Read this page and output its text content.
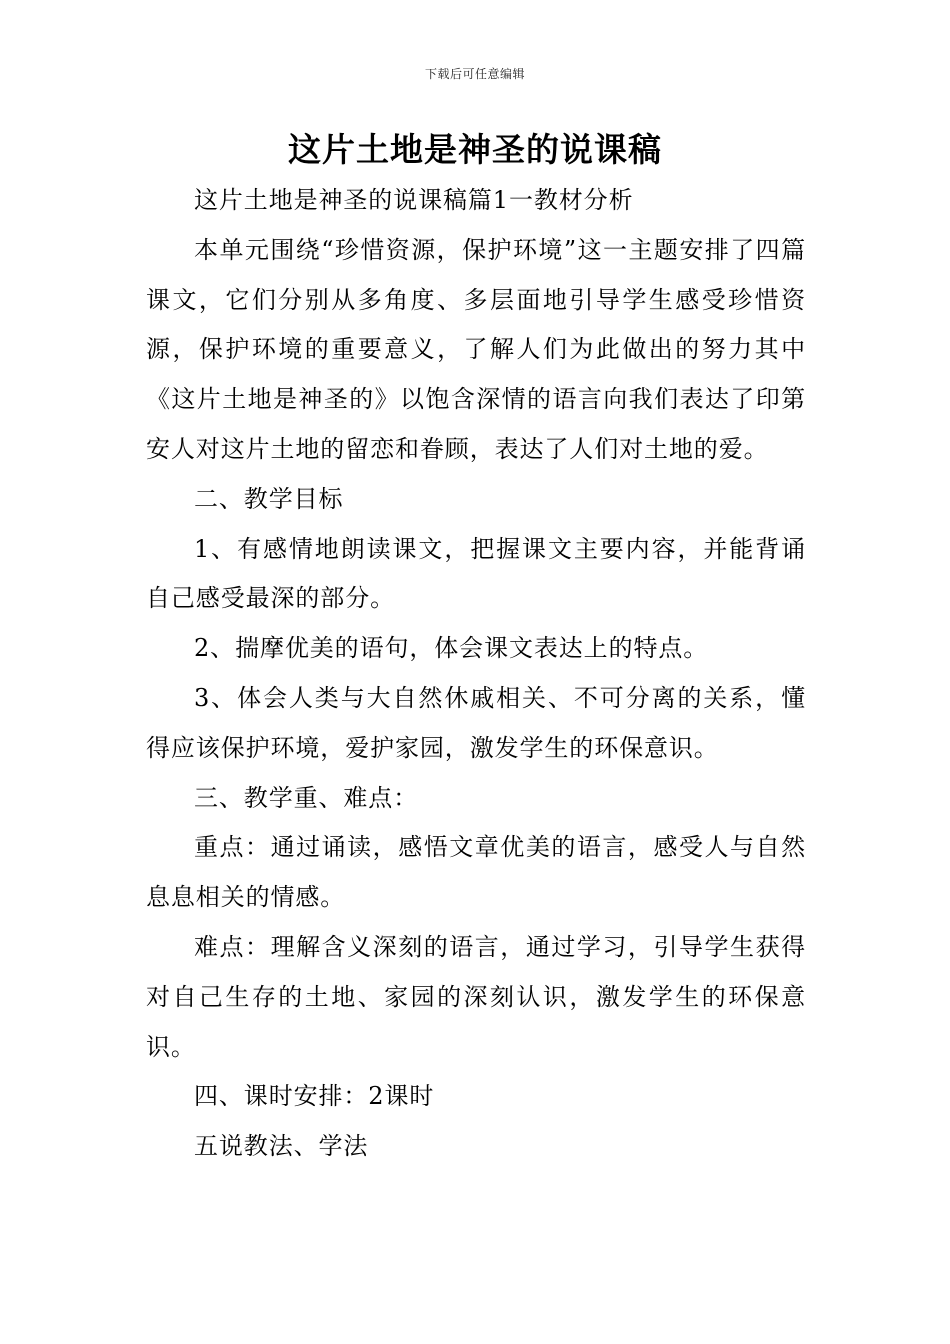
下载后可任意编辑
这片土地是神圣的说课稿

这片土地是神圣的说课稿篇1一教材分析

本单元围绕“珍惜资源，保护环境”这一主题安排了四篇课文，它们分别从多角度、多层面地引导学生感受珍惜资源，保护环境的重要意义，了解人们为此做出的努力其中《这片土地是神圣的》以饱含深情的语言向我们表达了印第安人对这片土地的留恋和眷顾，表达了人们对土地的爱。

二、教学目标

1、有感情地朗读课文，把握课文主要内容，并能背诵自己感受最深的部分。

2、揣摩优美的语句，体会课文表达上的特点。

3、体会人类与大自然休戚相关、不可分离的关系，懂得应该保护环境，爱护家园，激发学生的环保意识。

三、教学重、难点：

重点：通过诵读，感悟文章优美的语言，感受人与自然息息相关的情感。

难点：理解含义深刻的语言，通过学习，引导学生获得对自己生存的土地、家园的深刻认识，激发学生的环保意识。

四、课时安排：2课时

五说教法、学法
